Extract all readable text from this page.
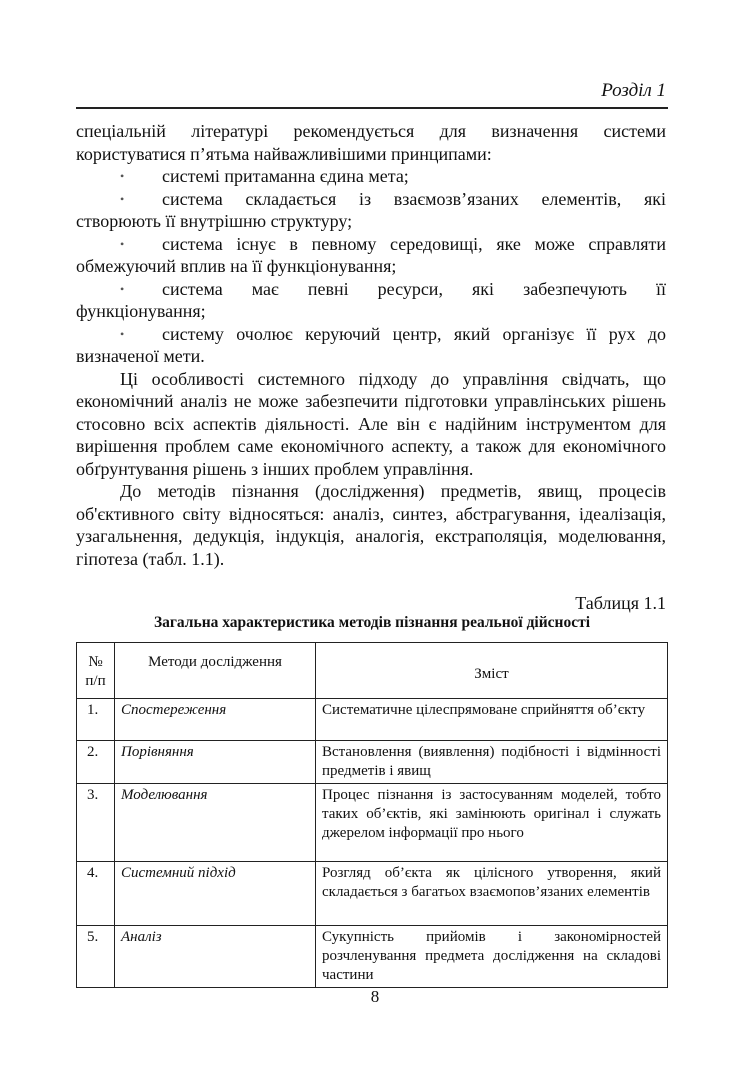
Розділ 1

спеціальній літературі рекомендується для визначення системи користуватися п’ятьма найважливішими принципами:

• системі притаманна єдина мета;

• система складається із взаємозв’язаних елементів, які

створюють її внутрішню структуру;

• система існує в певному середовищі, яке може справляти

обмежуючий вплив на її функціонування;

• система має певні ресурси, які забезпечують її

функціонування;

• систему очолює керуючий центр, який організує її рух до

визначеної мети.

Ці особливості системного підходу до управління свідчать, що економічний аналіз не може забезпечити підготовки управлінських рішень стосовно всіх аспектів діяльності. Але він є надійним інструментом для вирішення проблем саме економічного аспекту, а також для економічного обґрунтування рішень з інших проблем управління.

До методів пізнання (дослідження) предметів, явищ, процесів об'єктивного світу відносяться: аналіз, синтез, абстрагування, ідеалізація, узагальнення, дедукція, індукція, аналогія, екстраполяція, моделювання, гіпотеза (табл. 1.1).

Таблиця 1.1
Загальна характеристика методів пізнання реальної дійсності
№
п/п	Методи дослідження	Зміст
1.	Спостереження	Систематичне цілеспрямоване сприйняття об’єкту
2.	Порівняння	Встановлення (виявлення) подібності і відмінності предметів і явищ
3.	Моделювання	Процес пізнання із застосуванням моделей, тобто таких об’єктів, які замінюють оригінал і служать джерелом інформації про нього
4.	Системний підхід	Розгляд об’єкта як цілісного утворення, який складається з багатьох взаємопов’язаних елементів
5.	Аналіз	Сукупність прийомів і закономірностей розчленування предмета дослідження на складові частини
8
